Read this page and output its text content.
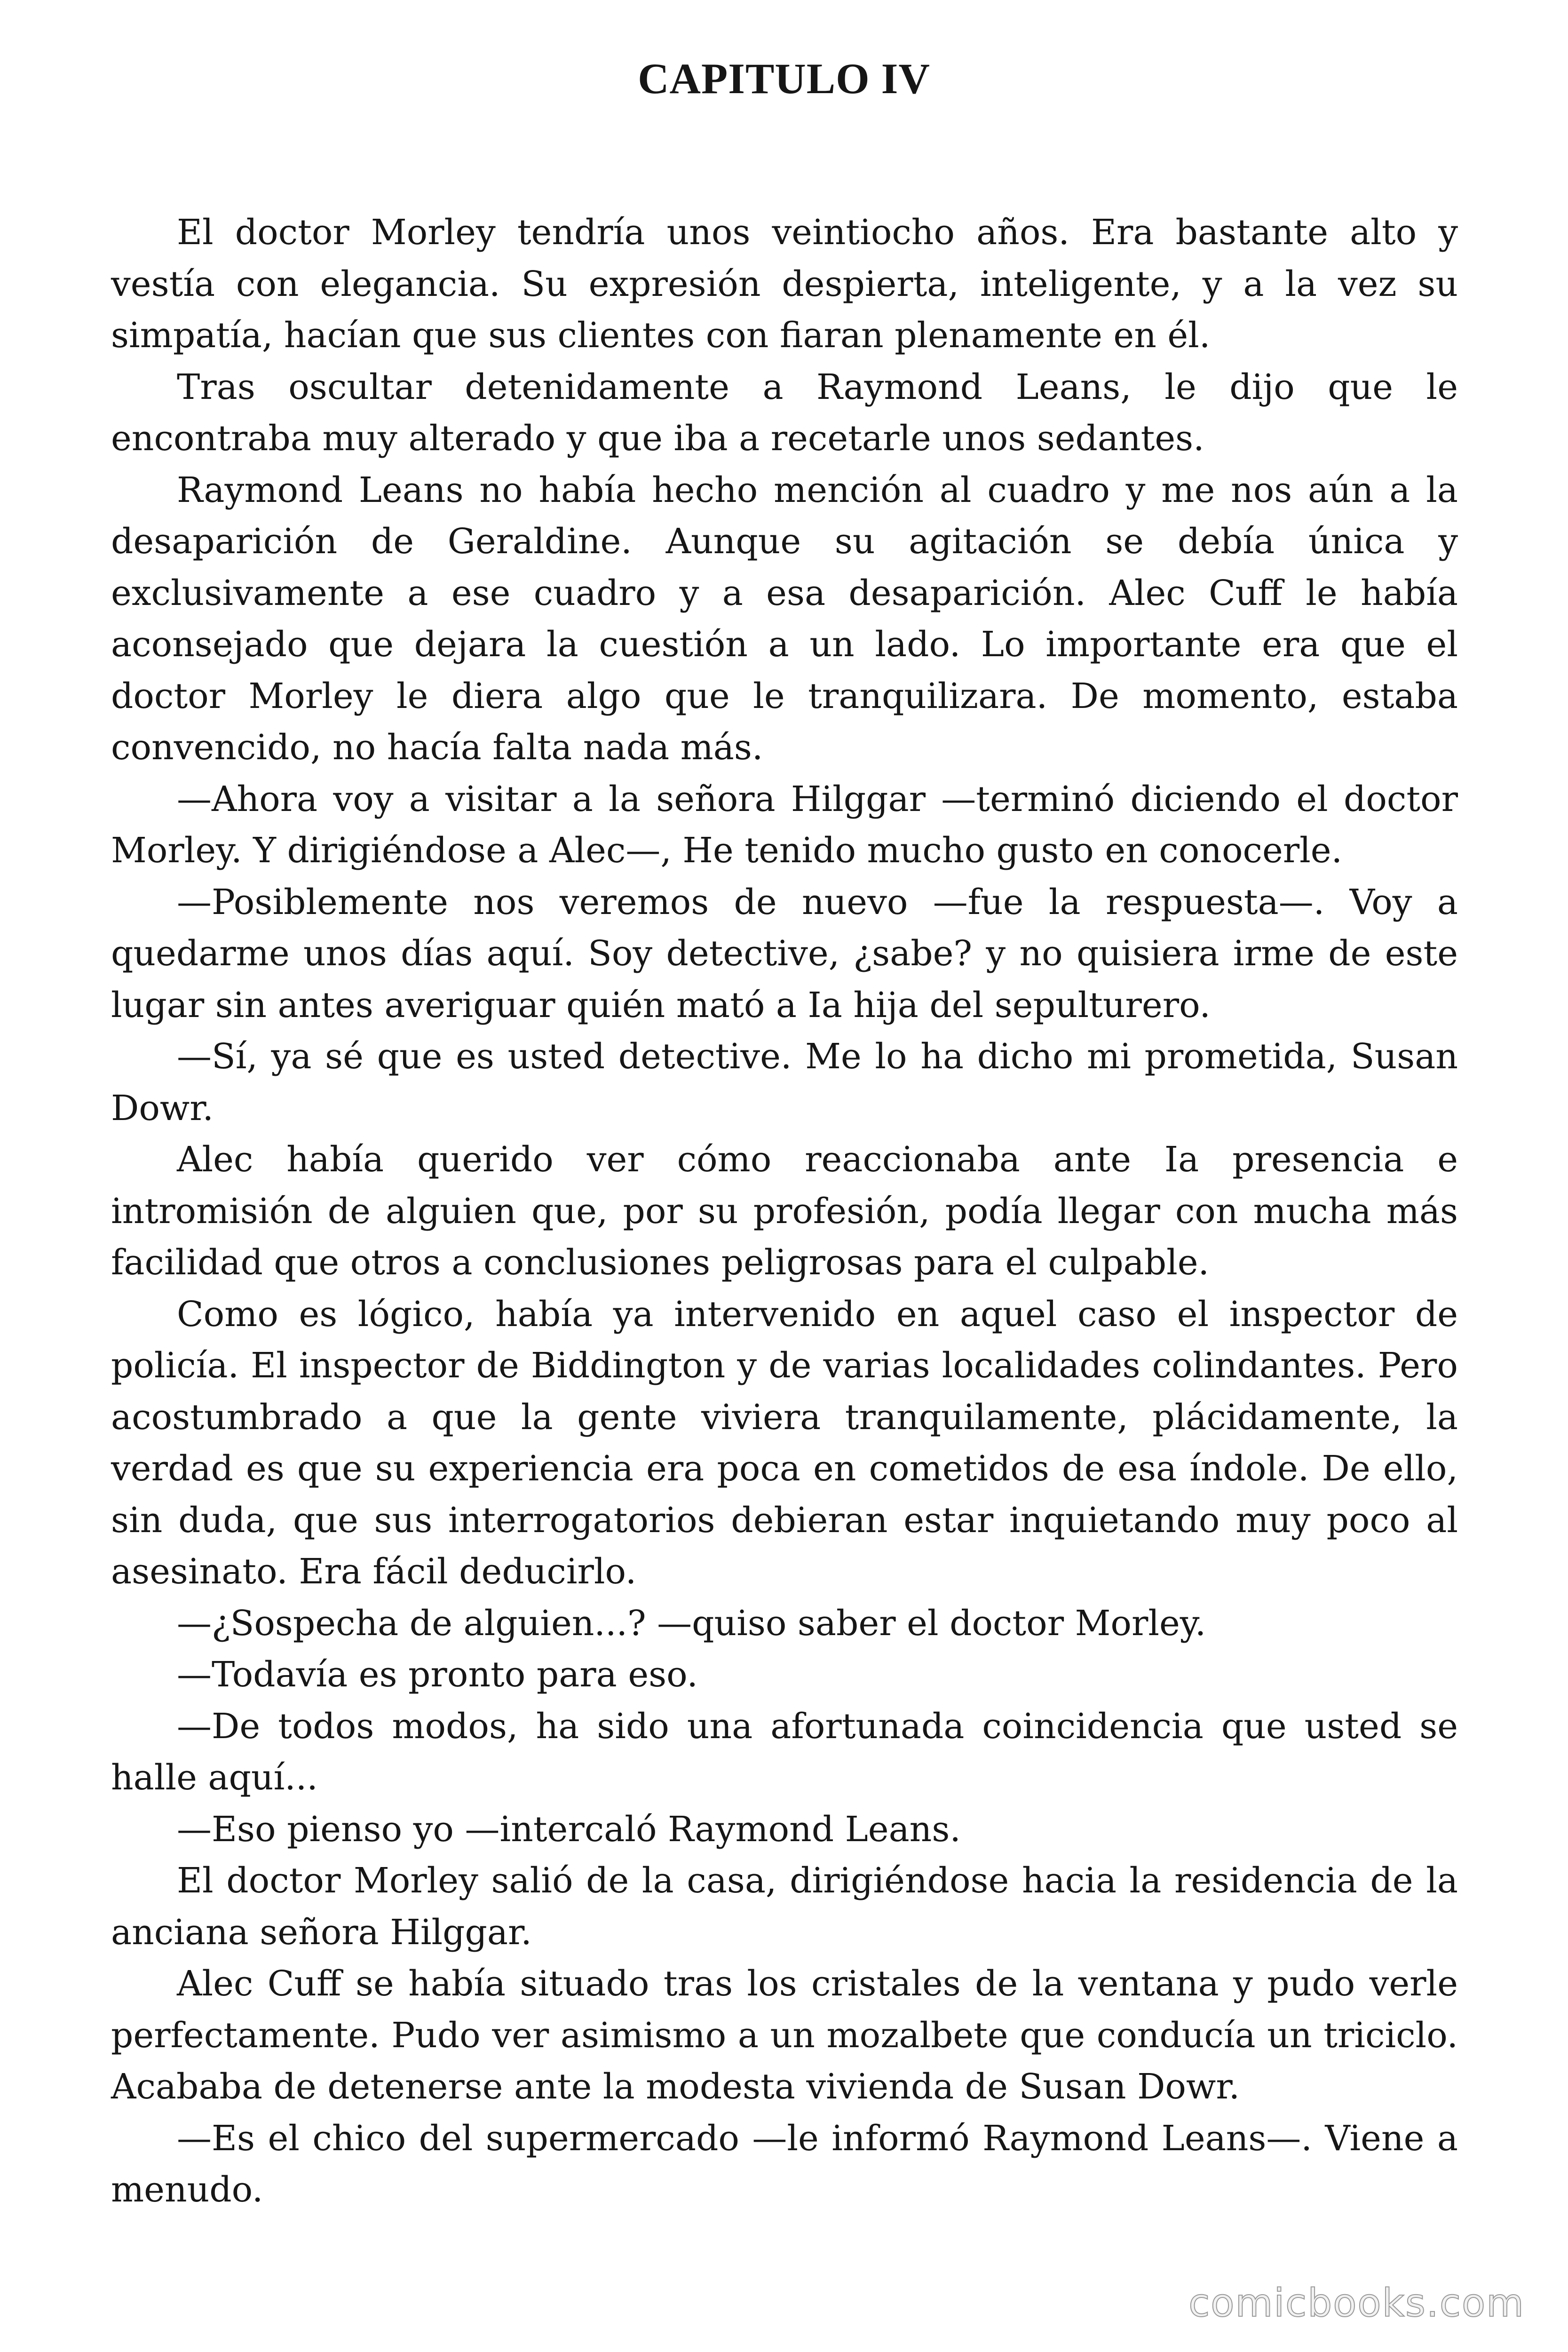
CAPITULO IV

El doctor Morley tendría unos veintiocho años. Era bastante alto y vestía con elegancia. Su expresión despierta, inteligente, y a la vez su simpatía, hacían que sus clientes con fiaran plenamente en él.

Tras oscultar detenidamente a Raymond Leans, le dijo que le encontraba muy alterado y que iba a recetarle unos sedantes.

Raymond Leans no había hecho mención al cuadro y me nos aún a la desaparición de Geraldine. Aunque su agitación se debía única y exclusivamente a ese cuadro y a esa desaparición. Alec Cuff le había aconsejado que dejara la cuestión a un lado. Lo importante era que el doctor Morley le diera algo que le tranquilizara. De momento, estaba convencido, no hacía falta nada más.

—Ahora voy a visitar a la señora Hilggar —terminó diciendo el doctor Morley. Y dirigiéndose a Alec—, He tenido mucho gusto en conocerle.

—Posiblemente nos veremos de nuevo —fue la respuesta—. Voy a quedarme unos días aquí. Soy detective, ¿sabe? y no quisiera irme de este lugar sin antes averiguar quién mató a Ia hija del sepulturero.

—Sí, ya sé que es usted detective. Me lo ha dicho mi prometida, Susan Dowr.

Alec había querido ver cómo reaccionaba ante Ia presencia e intromisión de alguien que, por su profesión, podía llegar con mucha más facilidad que otros a conclusiones peligrosas para el culpable.

Como es lógico, había ya intervenido en aquel caso el inspector de policía. El inspector de Biddington y de varias localidades colindantes. Pero acostumbrado a que la gente viviera tranquilamente, plácidamente, la verdad es que su experiencia era poca en cometidos de esa índole. De ello, sin duda, que sus interrogatorios debieran estar inquietando muy poco al asesinato. Era fácil deducirlo.

—¿Sospecha de alguien...? —quiso saber el doctor Morley.

—Todavía es pronto para eso.

—De todos modos, ha sido una afortunada coincidencia que usted se halle aquí...

—Eso pienso yo —intercaló Raymond Leans.

El doctor Morley salió de la casa, dirigiéndose hacia la residencia de la anciana señora Hilggar.

Alec Cuff se había situado tras los cristales de la ventana y pudo verle perfectamente. Pudo ver asimismo a un mozalbete que conducía un triciclo. Acababa de detenerse ante la modesta vivienda de Susan Dowr.

—Es el chico del supermercado —le informó Raymond Leans—. Viene a menudo.

comicbooks.com
